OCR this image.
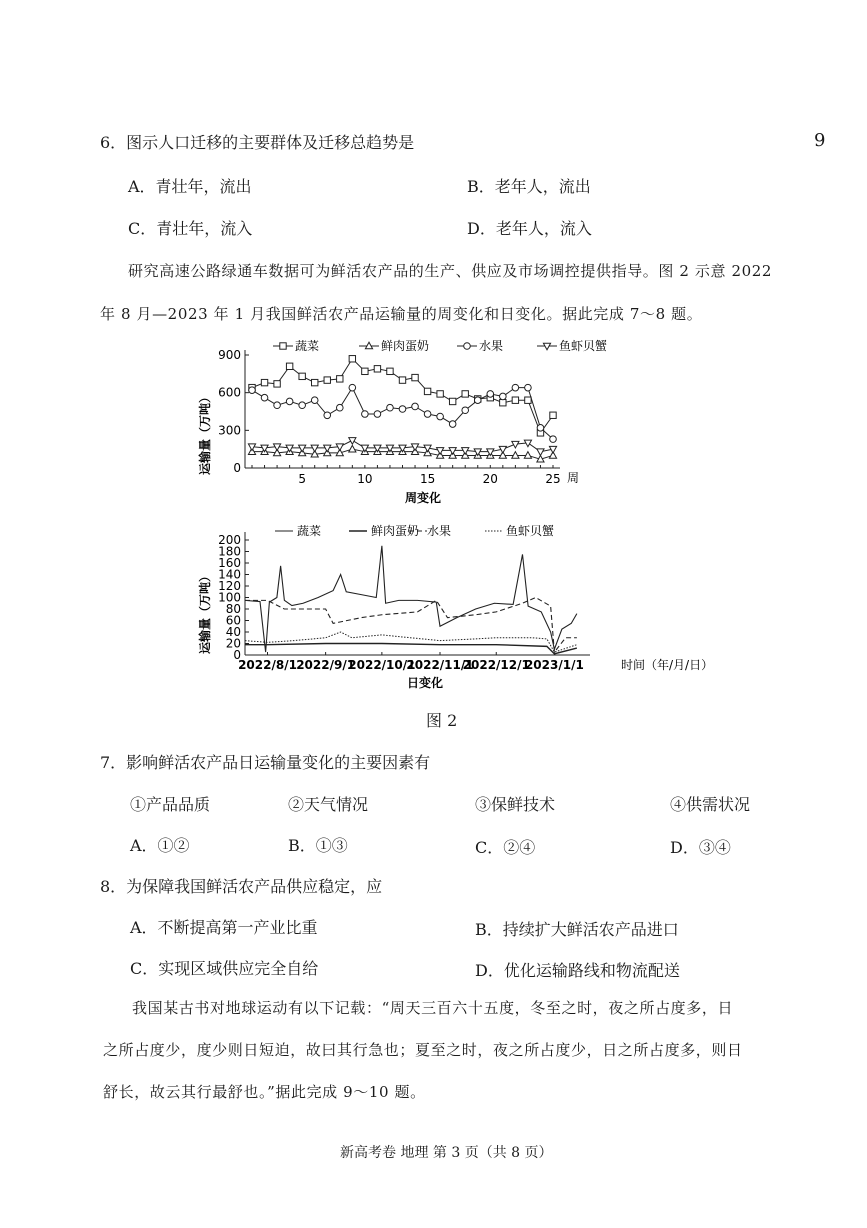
9
6．图示人口迁移的主要群体及迁移总趋势是
A．青壮年，流出	B．老年人，流出
C．青壮年，流入	D．老年人，流入
研究高速公路绿通车数据可为鲜活农产品的生产、供应及市场调控提供指导。图 2 示意 2022
年 8 月—2023 年 1 月我国鲜活农产品运输量的周变化和日变化。据此完成 7～8 题。
运输量（万吨）
蔬菜	鲜肉蛋奶	水果	鱼虾贝蟹
0
300
600
900
5	10	15	20	25 周
周变化
运输量（万吨）
蔬菜	鲜肉蛋奶 水果	鱼虾贝蟹
0
20
40
60
80
100
120
140
160
180
200
2022/8/1 2022/9/1
2022/10/1
2022/11/1
2022/12/1
2023/1/1	时间（年/月/日）
日变化
图 2
7．影响鲜活农产品日运输量变化的主要因素有
①产品品质	②天气情况	③保鲜技术	④供需状况
A．①②	B．①③	C．②④	D．③④
8．为保障我国鲜活农产品供应稳定，应
A．不断提高第一产业比重	B．持续扩大鲜活农产品进口
C．实现区域供应完全自给	D．优化运输路线和物流配送
我国某古书对地球运动有以下记载：“周天三百六十五度，冬至之时，夜之所占度多，日
之所占度少，度少则日短迫，故曰其行急也；夏至之时，夜之所占度少，日之所占度多，则日
舒长，故云其行最舒也。”据此完成 9～10 题。
新高考卷 地理 第 3 页（共 8 页）
